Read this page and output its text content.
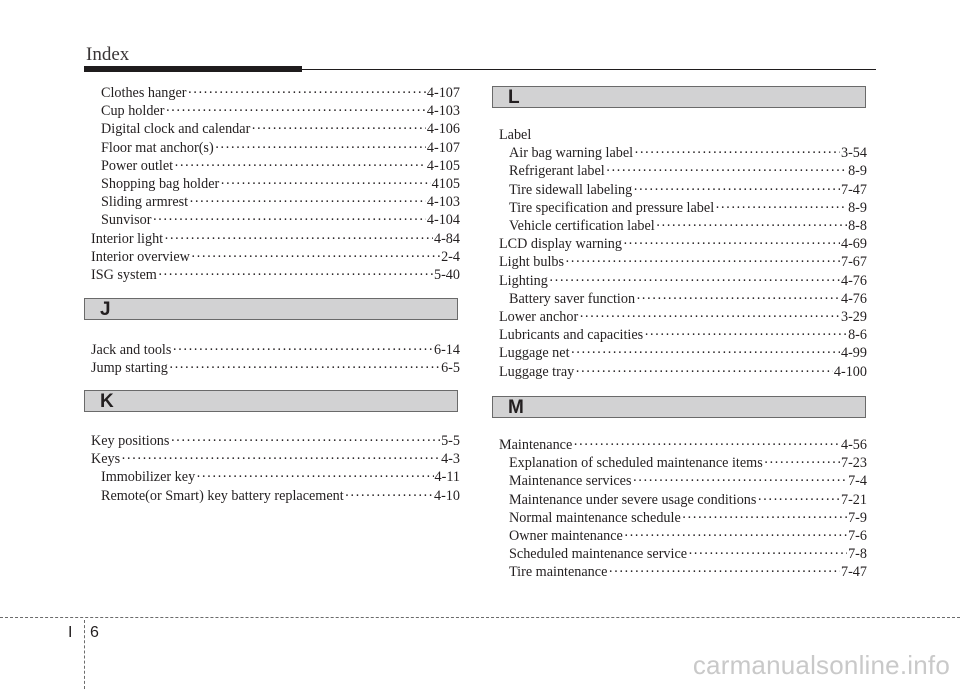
Index
Clothes hanger ·····	4-107
Cup holder ·····	4-103
Digital clock and calendar ·····	4-106
Floor mat anchor(s) ·····	4-107
Power outlet ·····	4-105
Shopping bag holder ·····	4105
Sliding armrest ·····	4-103
Sunvisor ·····	4-104
Interior light ·····	4-84
Interior overview ·····	2-4
ISG system ·····	5-40
J
Jack and tools ·····	6-14
Jump starting ·····	6-5
K
Key positions ·····	5-5
Keys ·····	4-3
Immobilizer key ·····	4-11
Remote(or Smart) key battery replacement ·····	4-10
L
Label
Air bag warning label ·····	3-54
Refrigerant label ·····	8-9
Tire sidewall labeling ·····	7-47
Tire specification and pressure label ·····	8-9
Vehicle certification label ·····	8-8
LCD display warning ·····	4-69
Light bulbs ·····	7-67
Lighting ·····	4-76
Battery saver function ·····	4-76
Lower anchor ·····	3-29
Lubricants and capacities ·····	8-6
Luggage net ·····	4-99
Luggage tray ·····	4-100
M
Maintenance ·····	4-56
Explanation of scheduled maintenance items ·····	7-23
Maintenance services ·····	7-4
Maintenance under severe usage conditions ·····	7-21
Normal maintenance schedule ·····	7-9
Owner maintenance ·····	7-6
Scheduled maintenance service ·····	7-8
Tire maintenance ·····	7-47
I 6
carmanualsonline.info
